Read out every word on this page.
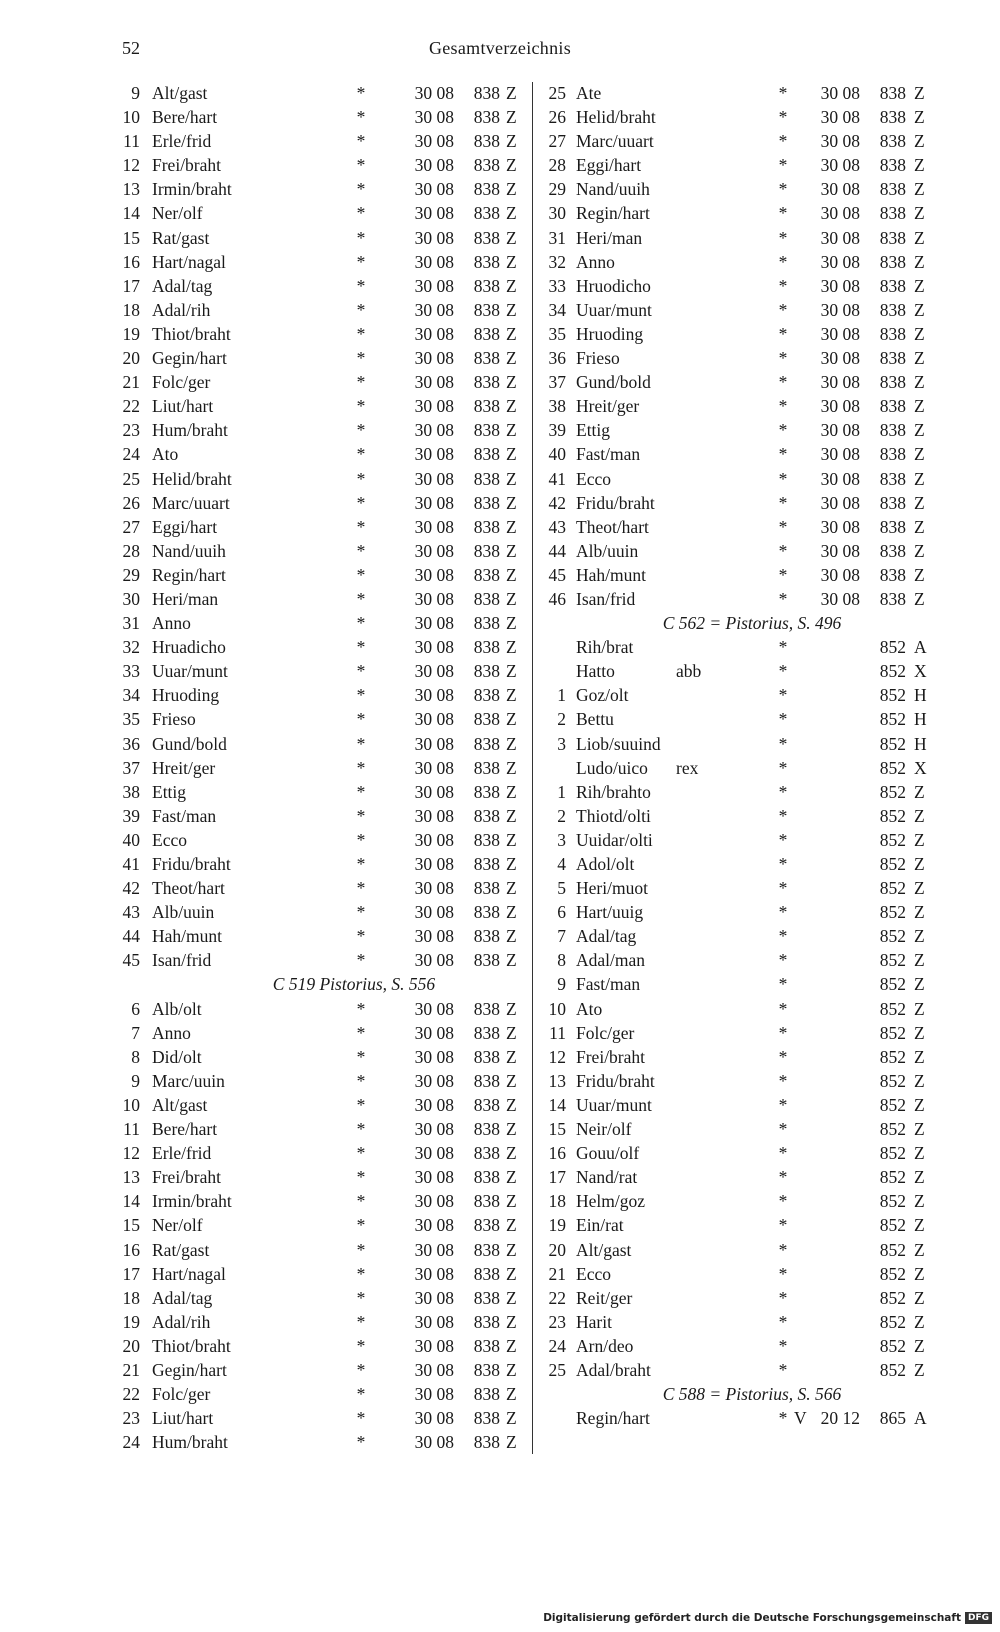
52	Gesamtverzeichnis
9 Alt/gast	*	30 08	838 Z
10 Bere/hart	*	30 08	838 Z
11 Erle/frid	*	30 08	838 Z
12 Frei/braht	*	30 08	838 Z
13 Irmin/braht	*	30 08	838 Z
14 Ner/olf	*	30 08	838 Z
15 Rat/gast	*	30 08	838 Z
16 Hart/nagal	*	30 08	838 Z
17 Adal/tag	*	30 08	838 Z
18 Adal/rih	*	30 08	838 Z
19 Thiot/braht	*	30 08	838 Z
20 Gegin/hart	*	30 08	838 Z
21 Folc/ger	*	30 08	838 Z
22 Liut/hart	*	30 08	838 Z
23 Hum/braht	*	30 08	838 Z
24 Ato	*	30 08	838 Z
25 Helid/braht	*	30 08	838 Z
26 Marc/uuart	*	30 08	838 Z
27 Eggi/hart	*	30 08	838 Z
28 Nand/uuih	*	30 08	838 Z
29 Regin/hart	*	30 08	838 Z
30 Heri/man	*	30 08	838 Z
31 Anno	*	30 08	838 Z
32 Hruadicho	*	30 08	838 Z
33 Uuar/munt	*	30 08	838 Z
34 Hruoding	*	30 08	838 Z
35 Frieso	*	30 08	838 Z
36 Gund/bold	*	30 08	838 Z
37 Hreit/ger	*	30 08	838 Z
38 Ettig	*	30 08	838 Z
39 Fast/man	*	30 08	838 Z
40 Ecco	*	30 08	838 Z
41 Fridu/braht	*	30 08	838 Z
42 Theot/hart	*	30 08	838 Z
43 Alb/uuin	*	30 08	838 Z
44 Hah/munt	*	30 08	838 Z
45 Isan/frid	*	30 08	838 Z
C 519 Pistorius, S. 556
6 Alb/olt	*	30 08	838 Z
7 Anno	*	30 08	838 Z
8 Did/olt	*	30 08	838 Z
9 Marc/uuin	*	30 08	838 Z
10 Alt/gast	*	30 08	838 Z
11 Bere/hart	*	30 08	838 Z
12 Erle/frid	*	30 08	838 Z
13 Frei/braht	*	30 08	838 Z
14 Irmin/braht	*	30 08	838 Z
15 Ner/olf	*	30 08	838 Z
16 Rat/gast	*	30 08	838 Z
17 Hart/nagal	*	30 08	838 Z
18 Adal/tag	*	30 08	838 Z
19 Adal/rih	*	30 08	838 Z
20 Thiot/braht	*	30 08	838 Z
21 Gegin/hart	*	30 08	838 Z
22 Folc/ger	*	30 08	838 Z
23 Liut/hart	*	30 08	838 Z
24 Hum/braht	*	30 08	838 Z
25 Ate	*	30 08	838 Z
26 Helid/braht	*	30 08	838 Z
27 Marc/uuart	*	30 08	838 Z
28 Eggi/hart	*	30 08	838 Z
29 Nand/uuih	*	30 08	838 Z
30 Regin/hart	*	30 08	838 Z
31 Heri/man	*	30 08	838 Z
32 Anno	*	30 08	838 Z
33 Hruodicho	*	30 08	838 Z
34 Uuar/munt	*	30 08	838 Z
35 Hruoding	*	30 08	838 Z
36 Frieso	*	30 08	838 Z
37 Gund/bold	*	30 08	838 Z
38 Hreit/ger	*	30 08	838 Z
39 Ettig	*	30 08	838 Z
40 Fast/man	*	30 08	838 Z
41 Ecco	*	30 08	838 Z
42 Fridu/braht	*	30 08	838 Z
43 Theot/hart	*	30 08	838 Z
44 Alb/uuin	*	30 08	838 Z
45 Hah/munt	*	30 08	838 Z
46 Isan/frid	*	30 08	838 Z
C 562 = Pistorius, S. 496
Rih/brat	*	852 A
Hatto	abb	*	852 X
1 Goz/olt	*	852 H
2 Bettu	*	852 H
3 Liob/suuind	*	852 H
Ludo/uico rex	*	852 X
1 Rih/brahto	*	852 Z
2 Thiotd/olti	*	852 Z
3 Uuidar/olti	*	852 Z
4 Adol/olt	*	852 Z
5 Heri/muot	*	852 Z
6 Hart/uuig	*	852 Z
7 Adal/tag	*	852 Z
8 Adal/man	*	852 Z
9 Fast/man	*	852 Z
10 Ato	*	852 Z
11 Folc/ger	*	852 Z
12 Frei/braht	*	852 Z
13 Fridu/braht	*	852 Z
14 Uuar/munt	*	852 Z
15 Neir/olf	*	852 Z
16 Gouu/olf	*	852 Z
17 Nand/rat	*	852 Z
18 Helm/goz	*	852 Z
19 Ein/rat	*	852 Z
20 Alt/gast	*	852 Z
21 Ecco	*	852 Z
22 Reit/ger	*	852 Z
23 Harit	*	852 Z
24 Arn/deo	*	852 Z
25 Adal/braht	*	852 Z
C 588 = Pistorius, S. 566
Regin/hart	* V 20 12	865 A
Digitalisierung gefördert durch die Deutsche Forschungsgemeinschaft DFG
